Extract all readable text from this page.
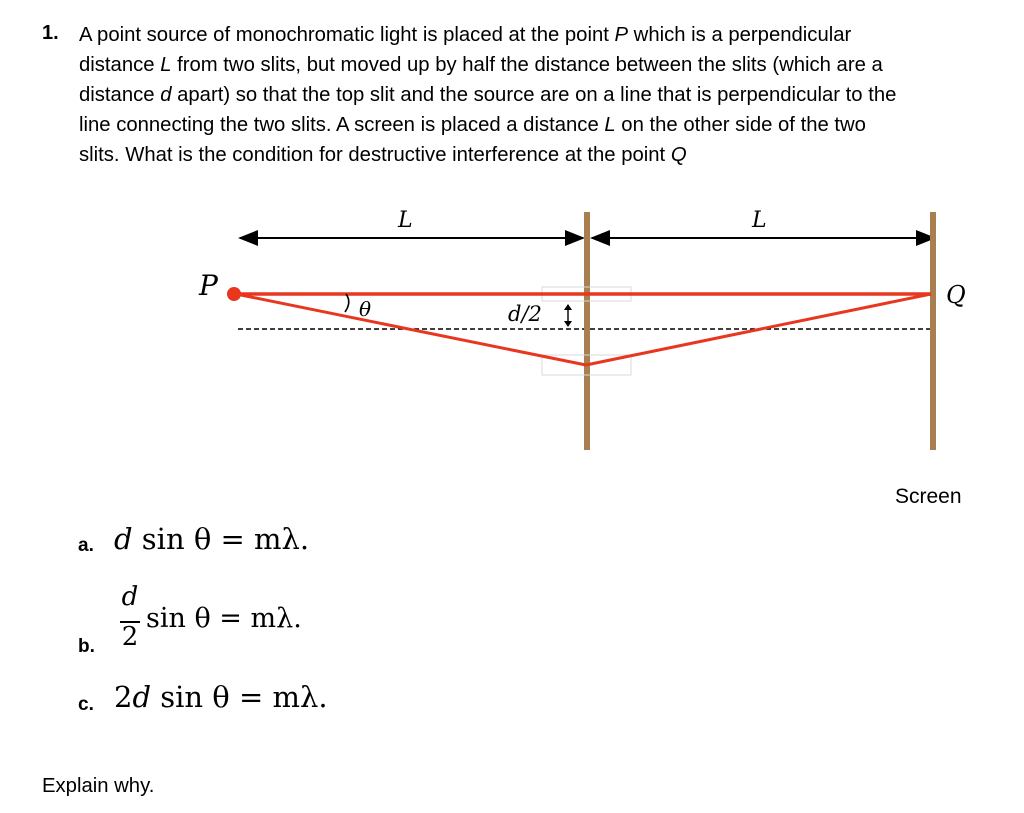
1. A point source of monochromatic light is placed at the point P which is a perpendicular
distance L from two slits, but moved up by half the distance between the slits (which are a
distance d apart) so that the top slit and the source are on a line that is perpendicular to the
line connecting the two slits. A screen is placed a distance L on the other side of the two
slits. What is the condition for destructive interference at the point Q
L	L
P
θ	d/2
Q
Screen
a. d sin θ = mλ.
b.
d
2
sin θ = mλ.
c. 2d sin θ = mλ.
Explain why.
